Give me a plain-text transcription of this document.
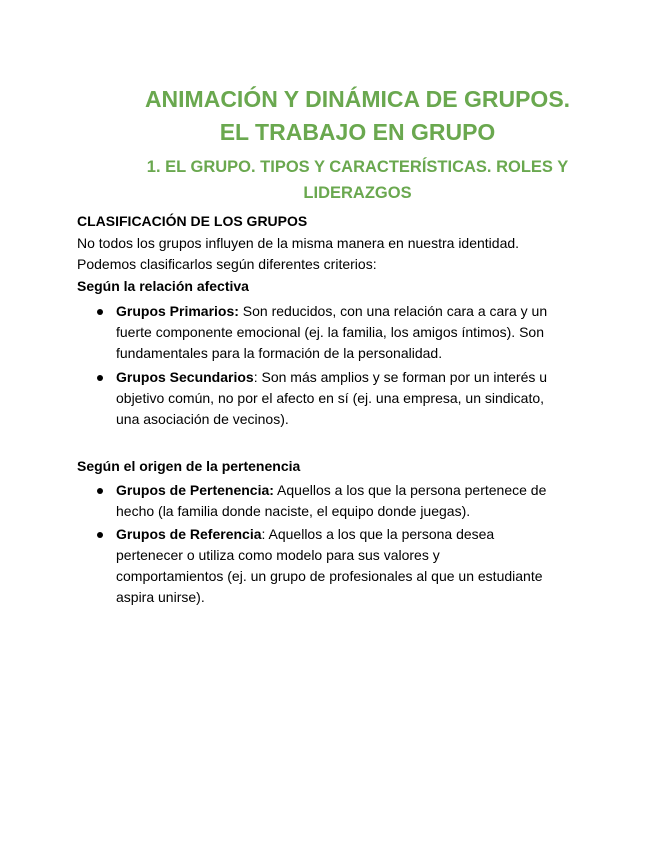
ANIMACIÓN Y DINÁMICA DE GRUPOS.
EL TRABAJO EN GRUPO
1. EL GRUPO. TIPOS Y CARACTERÍSTICAS. ROLES Y
LIDERAZGOS

CLASIFICACIÓN DE LOS GRUPOS

No todos los grupos influyen de la misma manera en nuestra identidad.

Podemos clasificarlos según diferentes criterios:

Según la relación afectiva

Grupos Primarios: Son reducidos, con una relación cara a cara y un

fuerte componente emocional (ej. la familia, los amigos íntimos). Son

fundamentales para la formación de la personalidad.

Grupos Secundarios: Son más amplios y se forman por un interés u

objetivo común, no por el afecto en sí (ej. una empresa, un sindicato,

una asociación de vecinos).

Según el origen de la pertenencia

Grupos de Pertenencia: Aquellos a los que la persona pertenece de

hecho (la familia donde naciste, el equipo donde juegas).

Grupos de Referencia: Aquellos a los que la persona desea

pertenecer o utiliza como modelo para sus valores y

comportamientos (ej. un grupo de profesionales al que un estudiante

aspira unirse).
